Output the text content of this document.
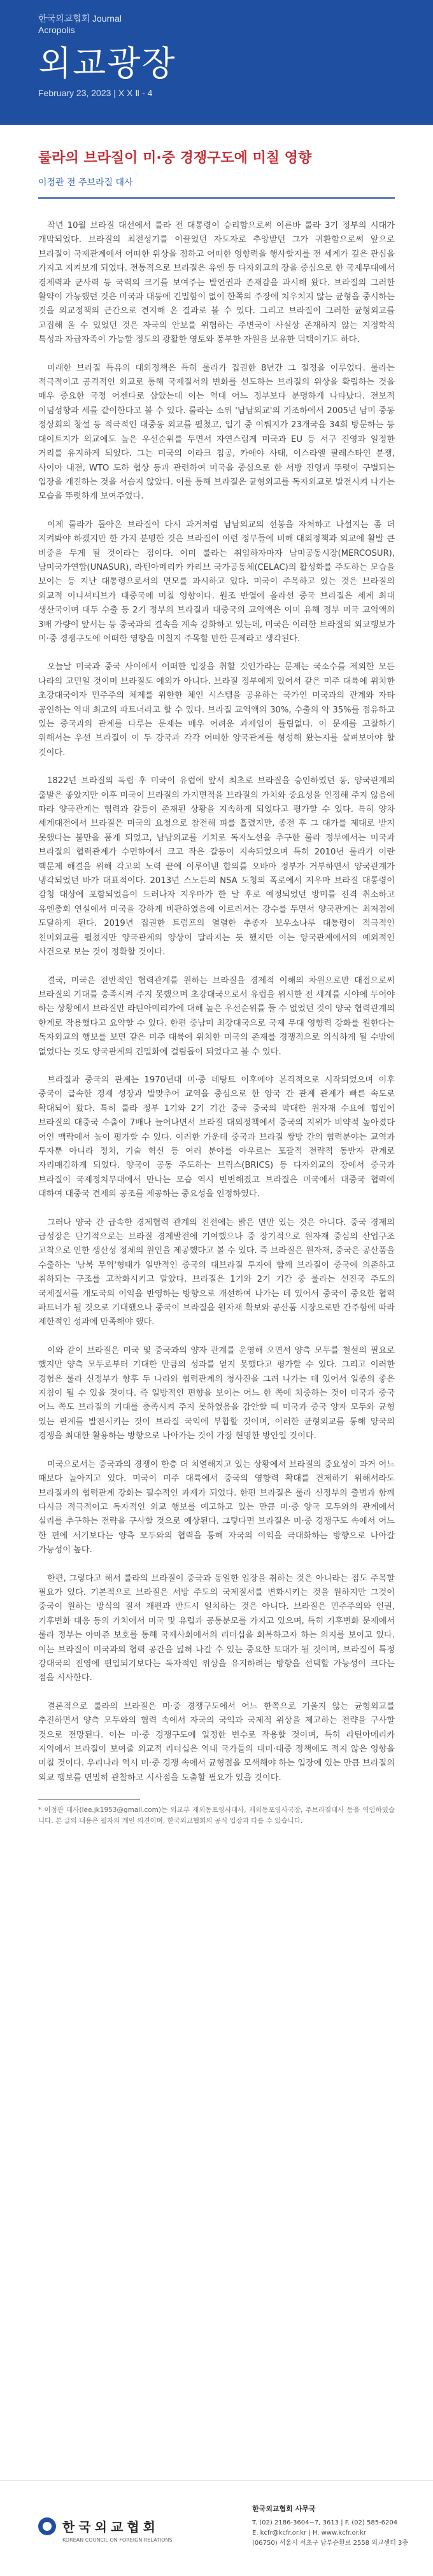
한국외교협회 Journal
Acropolis
외교광장
February 23, 2023 | X X Ⅱ - 4
룰라의 브라질이 미·중 경쟁구도에 미칠 영향
이정관 전 주브라질 대사

작년 10월 브라질 대선에서 룰라 전 대통령이 승리함으로써 이른바 룰라 3기 정부의 시대가 개막되었다. 브라질의 최전성기를 이끌었던 자도자로 추앙받던 그가 귀환함으로써 앞으로 브라질이 국제관계에서 어떠한 위상을 점하고 어떠한 영향력을 행사할지를 전 세계가 깊은 관심을 가지고 지켜보게 되었다. 전통적으로 브라질은 유엔 등 다자외교의 장을 중심으로 한 국제무대에서 경제력과 군사력 등 국력의 크기를 보여주는 발언권과 존재감을 과시해 왔다. 브라질의 그러한 활약이 가능했던 것은 미국과 대등에 긴밀함이 없이 한쪽의 주장에 치우치지 않는 균형을 중시하는 것을 외교정책의 근간으로 견지해 온 결과로 볼 수 있다. 그리고 브라질이 그러한 균형외교를 고집해 올 수 있었던 것은 자국의 안보를 위협하는 주변국이 사실상 존재하지 않는 지정학적 특성과 자급자족이 가능할 정도의 광활한 영토와 풍부한 자원을 보유한 덕택이기도 하다.

미래한 브라질 특유의 대외정책은 특히 룰라가 집권한 8년간 그 절정을 이루었다. 룰라는 적극적이고 공격적인 외교로 통해 국제질서의 변화를 선도하는 브라질의 위상을 확립하는 것을 매우 중요한 국정 어젠다로 삼았는데 이는 역대 어느 정부보다 분명하게 나타났다. 전보적 이념성향과 세를 같이한다고 볼 수 있다. 룰라는 소위 '남남외교'의 기조하에서 2005년 남미 중동 정상회의 창설 등 적극적인 대중동 외교를 펼쳤고, 입기 중 이뤄지가 23개국을 34회 방문하는 등 대이트지가 외교에도 높은 우선순위를 두면서 자연스럽게 미국과 EU 등 서구 진영과 일정한 거리를 유지하게 되었다. 그는 미국의 이라크 침공, 카에야 사태, 이스라엘 팔레스타인 분쟁, 사이아 내전, WTO 도하 협상 등과 관련하여 미국을 중심으로 한 서방 진영과 뚜렷이 구별되는 입장을 개진하는 것을 서슴지 않았다. 이를 통해 브라질은 균형외교를 독자외교로 발전시켜 나가는 모습을 뚜렷하게 보여주었다.

이제 룰라가 돌아온 브라질이 다시 과거처럼 남남외교의 선봉을 자처하고 나설지는 좀 더 지켜봐야 하겠지만 한 가지 분명한 것은 브라질이 이런 정무들에 비해 대외정책과 외교에 활발 큰 비중을 두게 될 것이라는 점이다. 이미 룰라는 취임하자마자 남미공동시장(MERCOSUR), 남미국가연합(UNASUR), 라틴아메리카 카리브 국가공동체(CELAC)의 활성화를 주도하는 모습을 보이는 등 지난 대통령으로서의 면모를 과시하고 있다. 미국이 주목하고 있는 것은 브라질의 외교적 이니셔티브가 대중국에 미칠 영향이다. 원조 반열에 올라선 중국 브라질은 세계 최대 생산국이며 대두 수출 등 2기 정부의 브라질과 대중국의 교역액은 이미 유해 정부 미국 교역액의 3배 가량이 앞서는 등 중국과의 결속을 계속 강화하고 있는데, 미국은 이러한 브라질의 외교행보가 미·중 경쟁구도에 어떠한 영향을 미칠지 주목할 만한 문제라고 생각된다.

오늘날 미국과 중국 사이에서 어떠한 입장을 취할 것인가라는 문제는 국소수를 제외한 모든 나라의 고민일 것이며 브라질도 예외가 아니다. 브라질 정부에게 있어서 같은 미주 대륙에 위치한 초강대국이자 민주주의 체제를 위한한 체인 시스템을 공유하는 국가인 미국과의 관계와 자타 공인하는 역대 최고의 파트너라고 할 수 있다. 브라질 교역액의 30%, 수출의 약 35%를 점유하고 있는 중국과의 관계를 다루는 문제는 매우 어려운 과제임이 틀림없다. 이 문제를 고찰하기 위해서는 우선 브라질이 이 두 강국과 각각 어떠한 양국관계를 형성해 왔는지를 살펴보아야 할 것이다.

1822년 브라질의 독립 후 미국이 유럽에 앞서 최초로 브라질을 승인하였던 동, 양국관계의 출발은 좋았지만 이후 미국이 브라질의 가지면적을 브라질의 가치와 중요성을 인정해 주지 않음에 따라 양국관계는 협력과 갈등이 존재된 상황을 지속하게 되었다고 평가할 수 있다. 특히 양차 세계대전에서 브라질은 미국의 요청으로 참전해 피를 흘렸지만, 종전 후 그 대가를 제대로 받지 못했다는 불만을 품게 되었고, 남남외교를 기치로 독자노선을 추구한 룰라 정부에서는 미국과 브라질의 협력관계가 수면하에서 크고 작은 갈등이 지속되었으며 특히 2010년 룰라가 이란 핵문제 해결을 위해 각고의 노력 끝에 이루어낸 합의를 오바마 정부가 거부하면서 양국관계가 냉각되었던 바가 대표적이다. 2013년 스노든의 NSA 도청의 폭로에서 지우마 브라질 대통령이 감청 대상에 포함되었음이 드러나자 지우마가 한 달 후로 예정되었던 방미를 전격 취소하고 유엔총회 연설에서 미국을 강하게 비판하였음에 이르러서는 강수를 두면서 양국관계는 최저점에 도달하게 된다. 2019년 집권한 트럼프의 열렬한 추종자 보우소나루 대통령이 적극적인 친미외교를 펼쳤지만 양국관계의 양상이 달라지는 듯 했지만 이는 양국관계에서의 예외적인 사건으로 보는 것이 정확할 것이다.

결국, 미국은 전반적인 협력관계를 원하는 브라질을 경제적 이해의 차원으로만 대접으로써 브라질의 기대를 충족시켜 주지 못했으며 초강대국으로서 유럽을 위시한 전 세계를 시야에 두어야 하는 상황에서 브라질만 라틴아메리카에 대해 높은 우선순위를 둘 수 없었던 것이 양국 협력관계의 한계로 작용했다고 요약할 수 있다. 한편 중남미 최강대국으로 국제 무대 영향력 강화를 원한다는 독자외교의 행보를 보면 같은 미주 대륙에 위치한 미국의 존재를 경쟁적으로 의식하게 될 수밖에 없었다는 것도 양국관계의 긴밀화에 걸림돌이 되었다고 볼 수 있다.

브라질과 중국의 관계는 1970년대 미·중 데탕트 이후에야 본격적으로 시작되었으며 이후 중국이 급속한 경제 성장과 발맞추어 교역을 중심으로 한 양국 간 관계 관계가 빠른 속도로 확대되어 왔다. 특히 룰라 정부 1기와 2기 기간 중국 중국의 막대한 원자재 수요에 힘입어 브라질의 대중국 수출이 7배나 늘어나면서 브라질 대외정책에서 중국의 지위가 비약적 높아졌다 어인 맥락에서 높이 평가할 수 있다. 이러한 가운데 중국과 브라질 쌍방 간의 협력분야는 교역과 투자뿐 아니라 정치, 기술 혁신 등 여러 분야를 아우르는 포괄적 전략적 동반자 관계로 자리매김하게 되었다. 양국이 공동 주도하는 브릭스(BRICS) 등 다자외교의 장에서 중국과 브라질이 국제정치무대에서 만나는 모습 역시 빈번해졌고 브라질은 미국에서 대중국 협력에 대하여 대중국 견제의 공조를 제공하는 중요성을 인정하였다.

그러나 양국 간 급속한 경제협력 관계의 진전에는 밝은 면만 있는 것은 아니다. 중국 경제의 급성장은 단기적으로는 브라질 경제발전에 기여했으나 중 장기적으로 원자재 중심의 산업구조 고착으로 인한 생산성 정체의 원인을 제공했다고 볼 수 있다. 즉 브라질은 원자재, 중국은 공산품을 수출하는 '남북 무역'형태가 일반적인 중국의 대브라질 투자에 합께 브라질이 중국에 의존하고 취하되는 구조를 고착화시키고 말았다. 브라질은 1기와 2기 기간 중 룰라는 선진국 주도의 국제질서를 개도국의 이익을 반영하는 방향으로 개선하여 나가는 데 있어서 중국이 중요한 협력 파트너가 될 것으로 기대했으나 중국이 브라질을 원자재 확보와 공산품 시장으로만 간주함에 따라 제한적인 성과에 만족해야 했다.

이와 같이 브라질은 미국 및 중국과의 양자 관계를 운영해 오면서 양측 모두를 철설의 필요로 했지만 양측 모두로부터 기대한 만큼의 성과를 얻지 못했다고 평가할 수 있다. 그리고 이러한 경험은 룰라 신정부가 향후 두 나라와 협력관계의 청사진을 그려 나가는 데 있어서 일종의 좋은 지침이 될 수 있을 것이다. 즉 일방적인 편향을 보이는 어느 한 쪽에 치중하는 것이 미국과 중국 어느 쪽도 브라질의 기대를 충족시켜 주지 못하였음을 감안할 때 미국과 중국 양자 모두와 균형 있는 관계를 발전시키는 것이 브라질 국익에 부합할 것이며, 이러한 균형외교를 통해 양국의 경쟁을 최대한 활용하는 방향으로 나아가는 것이 가장 현명한 방안일 것이다.

미국으로서는 중국과의 경쟁이 한층 더 치열해지고 있는 상황에서 브라질의 중요성이 과거 어느 때보다 높아지고 있다. 미국이 미주 대륙에서 중국의 영향력 확대를 견제하기 위해서라도 브라질과의 협력관계 강화는 필수적인 과제가 되었다. 한편 브라질은 룰라 신정부의 출범과 함께 다시금 적극적이고 독자적인 외교 행보를 예고하고 있는 만큼 미·중 양국 모두와의 관계에서 실리를 추구하는 전략을 구사할 것으로 예상된다. 그렇다면 브라질은 미·중 경쟁구도 속에서 어느 한 편에 서기보다는 양측 모두와의 협력을 통해 자국의 이익을 극대화하는 방향으로 나아갈 가능성이 높다.

한편, 그렇다고 해서 룰라의 브라질이 중국과 동일한 입장을 취하는 것은 아니라는 점도 주목할 필요가 있다. 기본적으로 브라질은 서방 주도의 국제질서를 변화시키는 것을 원하지만 그것이 중국이 원하는 방식의 질서 재편과 반드시 일치하는 것은 아니다. 브라질은 민주주의와 인권, 기후변화 대응 등의 가치에서 미국 및 유럽과 공통분모를 가지고 있으며, 특히 기후변화 문제에서 룰라 정부는 아마존 보호를 통해 국제사회에서의 리더십을 회복하고자 하는 의지를 보이고 있다. 이는 브라질이 미국과의 협력 공간을 넓혀 나갈 수 있는 중요한 토대가 될 것이며, 브라질이 특정 강대국의 진영에 편입되기보다는 독자적인 위상을 유지하려는 방향을 선택할 가능성이 크다는 점을 시사한다.

결론적으로 룰라의 브라질은 미·중 경쟁구도에서 어느 한쪽으로 기울지 않는 균형외교를 추진하면서 양측 모두와의 협력 속에서 자국의 국익과 국제적 위상을 제고하는 전략을 구사할 것으로 전망된다. 이는 미·중 경쟁구도에 일정한 변수로 작용할 것이며, 특히 라틴아메리카 지역에서 브라질이 보여줄 외교적 리더십은 역내 국가들의 대미·대중 정책에도 적지 않은 영향을 미칠 것이다. 우리나라 역시 미·중 경쟁 속에서 균형점을 모색해야 하는 입장에 있는 만큼 브라질의 외교 행보를 면밀히 관찰하고 시사점을 도출할 필요가 있을 것이다.

* 이정관 대사(lee.jk1953@gmail.com)는 외교부 재외동포영사대사, 재외동포영사국장, 주브라질대사 등을 역임하였습니다. 본 글의 내용은 필자의 개인 의견이며, 한국외교협회의 공식 입장과 다를 수 있습니다.

한국외교협회
KOREAN COUNCIL ON FOREIGN RELATIONS
한국외교협회 사무국
T. (02) 2186-3604~7, 3613 | F. (02) 585-6204
E. kcfr@kcfr.or.kr | H. www.kcfr.or.kr
(06750) 서울시 서초구 남부순환로 2558 외교센터 3층
